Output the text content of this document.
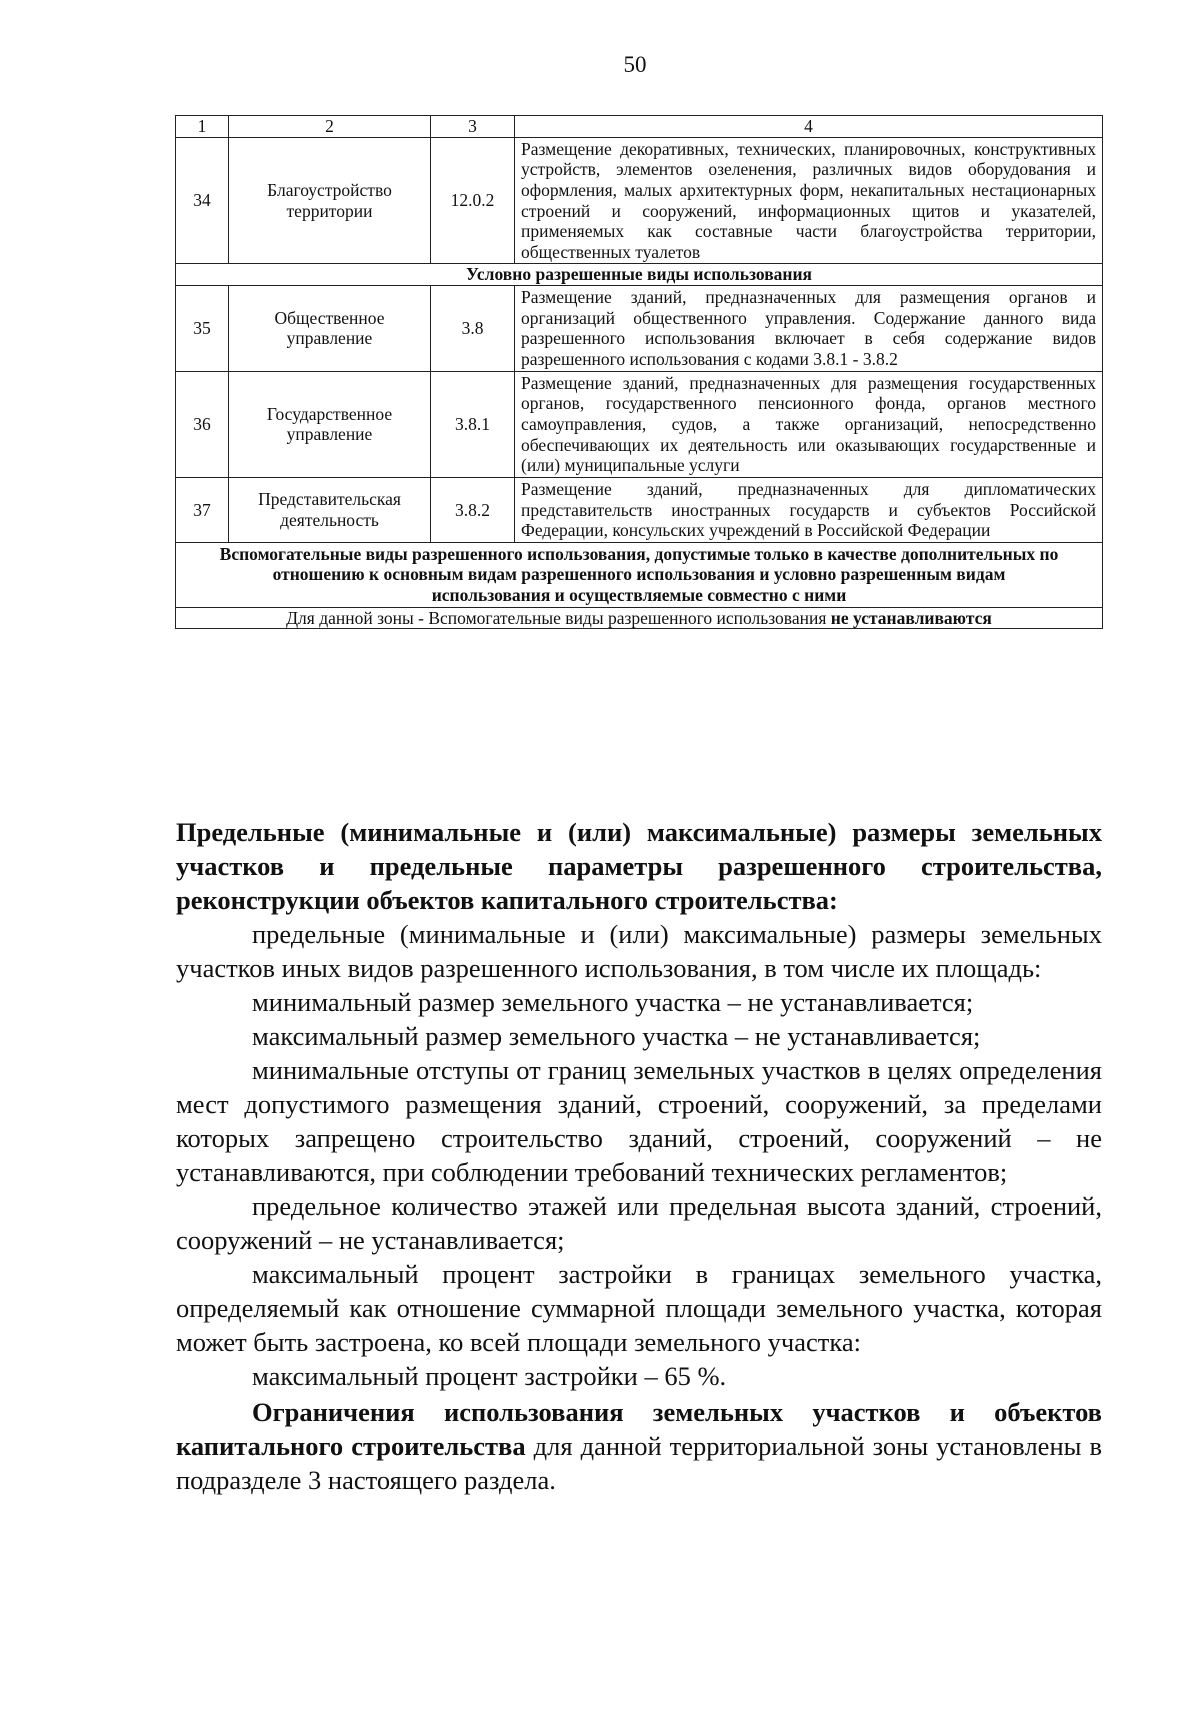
50
1	2	3	4
34	Благоустройство территории	12.0.2	Размещение декоративных, технических, планировочных, конструктивных устройств, элементов озеленения, различных видов оборудования и оформления, малых архитектурных форм, некапитальных нестационарных строений и сооружений, информационных щитов и указателей, применяемых как составные части благоустройства территории, общественных туалетов
Условно разрешенные виды использования			
35	Общественное управление	3.8	Размещение зданий, предназначенных для размещения органов и организаций общественного управления. Содержание данного вида разрешенного использования включает в себя содержание видов разрешенного использования с кодами 3.8.1 - 3.8.2
36	Государственное управление	3.8.1	Размещение зданий, предназначенных для размещения государственных органов, государственного пенсионного фонда, органов местного самоуправления, судов, а также организаций, непосредственно обеспечивающих их деятельность или оказывающих государственные и (или) муниципальные услуги
37	Представительская деятельность	3.8.2	Размещение зданий, предназначенных для дипломатических представительств иностранных государств и субъектов Российской Федерации, консульских учреждений в Российской Федерации
Вспомогательные виды разрешенного использования, допустимые только в качестве дополнительных по отношению к основным видам разрешенного использования и условно разрешенным видам использования и осуществляемые совместно с ними			
Для данной зоны - Вспомогательные виды разрешенного использования не устанавливаются			

Предельные (минимальные и (или) максимальные) размеры земельных участков и предельные параметры разрешенного строительства, реконструкции объектов капитального строительства:

предельные (минимальные и (или) максимальные) размеры земельных участков иных видов разрешенного использования, в том числе их площадь:

минимальный размер земельного участка – не устанавливается;

максимальный размер земельного участка – не устанавливается;

минимальные отступы от границ земельных участков в целях определения мест допустимого размещения зданий, строений, сооружений, за пределами которых запрещено строительство зданий, строений, сооружений – не устанавливаются, при соблюдении требований технических регламентов;

предельное количество этажей или предельная высота зданий, строений, сооружений – не устанавливается;

максимальный процент застройки в границах земельного участка, определяемый как отношение суммарной площади земельного участка, которая может быть застроена, ко всей площади земельного участка:

максимальный процент застройки – 65 %.

Ограничения использования земельных участков и объектов капитального строительства для данной территориальной зоны установлены в подразделе 3 настоящего раздела.
